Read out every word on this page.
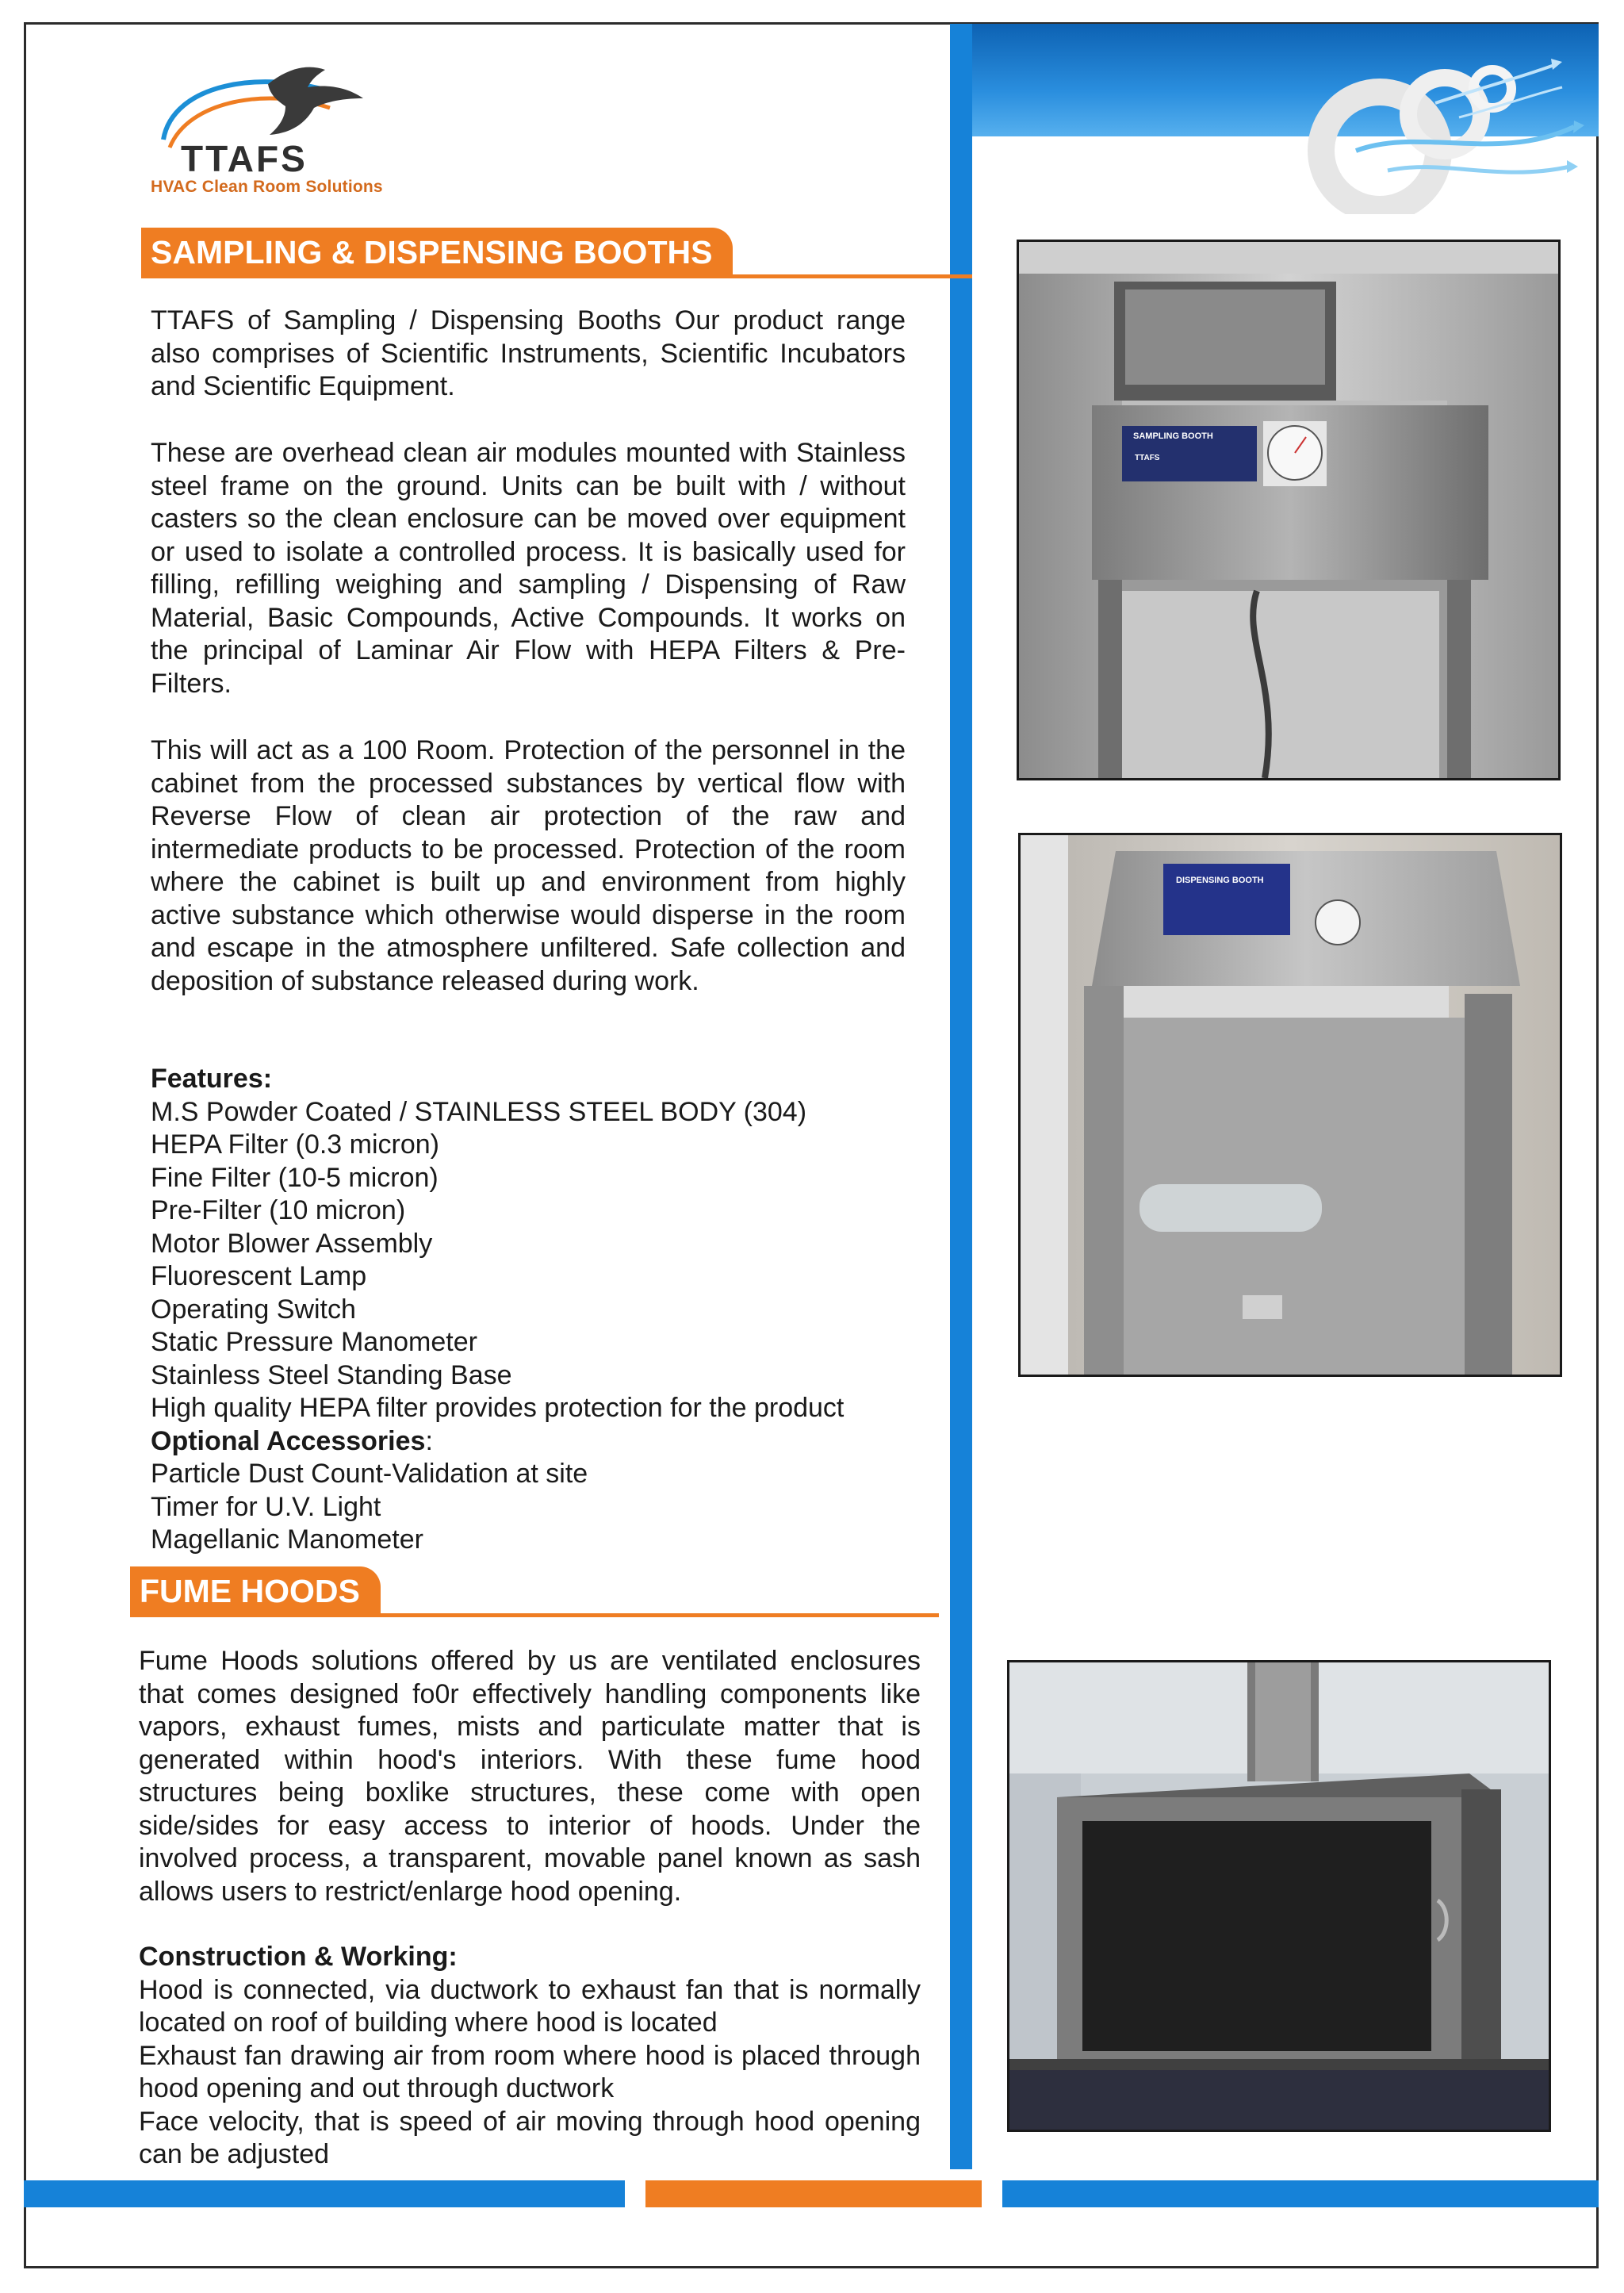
TTAFS
HVAC Clean Room Solutions
SAMPLING & DISPENSING BOOTHS
TTAFS of Sampling / Dispensing Booths Our product range also comprises of Scientific Instruments, Scientific Incubators and Scientific Equipment.
These are overhead clean air modules mounted with Stainless steel frame on the ground. Units can be built with / without casters so the clean enclosure can be moved over equipment or used to isolate a controlled process. It is basically used for filling, refilling weighing and sampling / Dispensing of Raw Material, Basic Compounds, Active Compounds. It works on the principal of Laminar Air Flow with HEPA Filters & Pre-Filters.
This will act as a 100 Room. Protection of the personnel in the cabinet from the processed substances by vertical flow with Reverse Flow of clean air protection of the raw and intermediate products to be processed. Protection of the room where the cabinet is built up and environment from highly active substance which otherwise would disperse in the room and escape in the atmosphere unfiltered. Safe collection and deposition of substance released during work.
Features:
M.S Powder Coated / STAINLESS STEEL BODY (304)
HEPA Filter (0.3 micron)
Fine Filter (10-5 micron)
Pre-Filter (10 micron)
Motor Blower Assembly
Fluorescent Lamp
Operating Switch
Static Pressure Manometer
Stainless Steel Standing Base
High quality HEPA filter provides protection for the product
Optional Accessories:
Particle Dust Count-Validation at site
Timer for U.V. Light
Magellanic Manometer
FUME HOODS
Fume Hoods solutions offered by us are ventilated enclosures that comes designed fo0r effectively handling components like vapors, exhaust fumes, mists and particulate matter that is generated within hood's interiors. With these fume hood structures being boxlike structures, these come with open side/sides for easy access to interior of hoods. Under the involved process, a transparent, movable panel known as sash allows users to restrict/enlarge hood opening.
Construction & Working:
Hood is connected, via ductwork to exhaust fan that is normally located on roof of building where hood is located
Exhaust fan drawing air from room where hood is placed through hood opening and out through ductwork
Face velocity, that is speed of air moving through hood opening can be adjusted
SAMPLING BOOTH
TTAFS
DISPENSING BOOTH
